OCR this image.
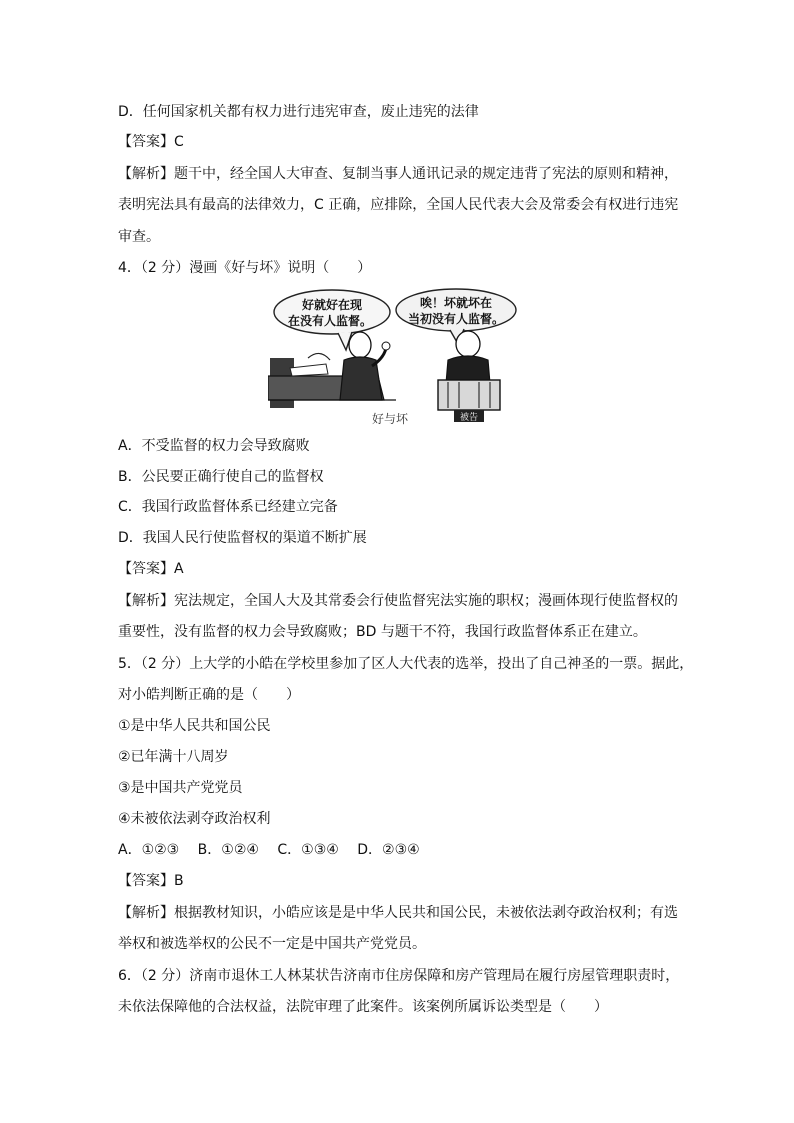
D．任何国家机关都有权力进行违宪审查，废止违宪的法律
【答案】C
【解析】题干中，经全国人大审查、复制当事人通讯记录的规定违背了宪法的原则和精神，
表明宪法具有最高的法律效力，C 正确，应排除，全国人民代表大会及常委会有权进行违宪
审查。
4．（2 分）漫画《好与坏》说明（　　）
好就好在现
在没有人监督。
唉！坏就坏在
当初没有人监督。
被告
好与坏
A．不受监督的权力会导致腐败
B．公民要正确行使自己的监督权
C．我国行政监督体系已经建立完备
D．我国人民行使监督权的渠道不断扩展
【答案】A
【解析】宪法规定，全国人大及其常委会行使监督宪法实施的职权；漫画体现行使监督权的
重要性，没有监督的权力会导致腐败；BD 与题干不符，我国行政监督体系正在建立。
5．（2 分）上大学的小皓在学校里参加了区人大代表的选举，投出了自己神圣的一票。据此，
对小皓判断正确的是（　　）
①是中华人民共和国公民
②已年满十八周岁
③是中国共产党党员
④未被依法剥夺政治权利
A．①②③　 B．①②④　 C．①③④　 D．②③④
【答案】B
【解析】根据教材知识，小皓应该是是中华人民共和国公民，未被依法剥夺政治权利；有选
举权和被选举权的公民不一定是中国共产党党员。
6．（2 分）济南市退休工人林某状告济南市住房保障和房产管理局在履行房屋管理职责时，
未依法保障他的合法权益，法院审理了此案件。该案例所属诉讼类型是（　　）
